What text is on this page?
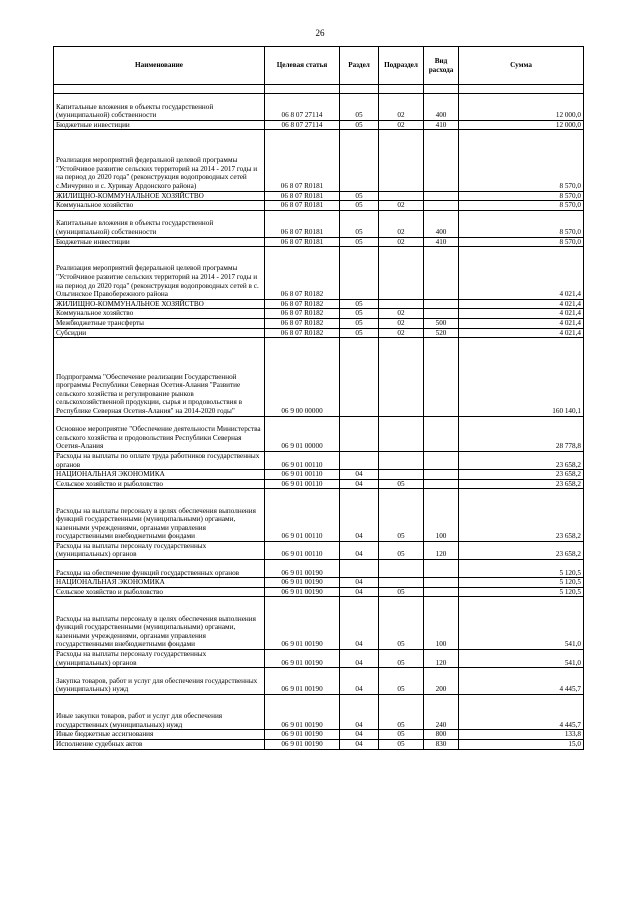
26
Наименование	Целевая статья	Раздел	Подраздел	Вид расхода	Сумма

Капитальные вложения в объекты государственной (муниципальной) собственности	06 8 07 27114	05	02	400	12 000,0
Бюджетные инвестиции	06 8 07 27114	05	02	410	12 000,0
Реализация мероприятий федеральной целевой программы "Устойчивое развитие сельских территорий на 2014 - 2017 годы и на период до 2020 года" (реконструкция водопроводных сетей с.Мичурино и с. Хурикау Ардонского района)	06 8 07 R0181				8 570,0
ЖИЛИЩНО-КОММУНАЛЬНОЕ ХОЗЯЙСТВО	06 8 07 R0181	05			8 570,0
Коммунальное хозяйство	06 8 07 R0181	05	02		8 570,0
Капитальные вложения в объекты государственной (муниципальной) собственности	06 8 07 R0181	05	02	400	8 570,0
Бюджетные инвестиции	06 8 07 R0181	05	02	410	8 570,0
Реализация мероприятий федеральной целевой программы "Устойчивое развитие сельских территорий на 2014 - 2017 годы и на период до 2020 года" (реконструкция водопроводных сетей в с. Ольгинское Правобережного района	06 8 07 R0182				4 021,4
ЖИЛИЩНО-КОММУНАЛЬНОЕ ХОЗЯЙСТВО	06 8 07 R0182	05			4 021,4
Коммунальное хозяйство	06 8 07 R0182	05	02		4 021,4
Межбюджетные трансферты	06 8 07 R0182	05	02	500	4 021,4
Субсидии	06 8 07 R0182	05	02	520	4 021,4
Подпрограмма "Обеспечение реализации Государственной программы Республики Северная Осетия-Алания "Развитие сельского хозяйства и регулирование рынков сельскохозяйственной продукции, сырья и продовольствия в Республике Северная Осетия-Алания" на 2014-2020 годы"	06 9 00 00000				160 140,1
Основное мероприятие "Обеспечение деятельности Министерства сельского хозяйства и продовольствия Республики Северная Осетия-Алания	06 9 01 00000				28 778,8
Расходы на выплаты по оплате труда работников государственных органов	06 9 01 00110				23 658,2
НАЦИОНАЛЬНАЯ ЭКОНОМИКА	06 9 01 00110	04			23 658,2
Сельское хозяйство и рыболовство	06 9 01 00110	04	05		23 658,2
Расходы на выплаты персоналу в целях обеспечения выполнения функций государственными (муниципальными) органами, казенными учреждениями, органами управления государственными внебюджетными фондами	06 9 01 00110	04	05	100	23 658,2
Расходы на выплаты персоналу государственных (муниципальных) органов	06 9 01 00110	04	05	120	23 658,2
Расходы на обеспечение функций государственных органов	06 9 01 00190				5 120,5
НАЦИОНАЛЬНАЯ ЭКОНОМИКА	06 9 01 00190	04			5 120,5
Сельское хозяйство и рыболовство	06 9 01 00190	04	05		5 120,5
Расходы на выплаты персоналу в целях обеспечения выполнения функций государственными (муниципальными) органами, казенными учреждениями, органами управления государственными внебюджетными фондами	06 9 01 00190	04	05	100	541,0
Расходы на выплаты персоналу государственных (муниципальных) органов	06 9 01 00190	04	05	120	541,0
Закупка товаров, работ и услуг для обеспечения государственных (муниципальных) нужд	06 9 01 00190	04	05	200	4 445,7
Иные закупки товаров, работ и услуг для обеспечения государственных (муниципальных) нужд	06 9 01 00190	04	05	240	4 445,7
Иные бюджетные ассигнования	06 9 01 00190	04	05	800	133,8
Исполнение судебных актов	06 9 01 00190	04	05	830	15,0
